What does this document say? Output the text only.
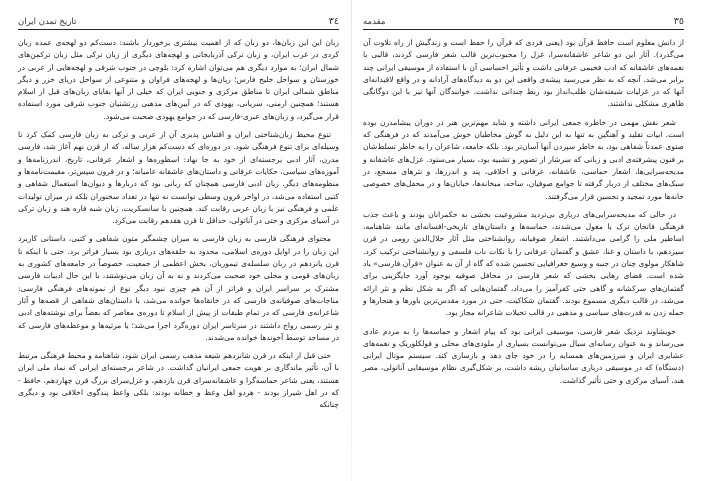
تاریخ تمدن ایران	٣٤

زبان این این زبان‌ها، دو زبان که از اهمیت بیشتری برخوردار باشند: دست‌کم دو لهجه‌ی عمده زبان کردی در غرب ایران، و زبان ترکی آذربایجانی و لهجه‌های دیگری از زبان ترکی مثل زبان ترکمن‌های شمال ایران؛ به موارد دیگری هم می‌توان اشاره کرد: بلوچی در جنوب شرقی و لهجه‌هایی از عربی در خوزستان و سواحل خلیج فارس؛ زبان‌ها و لهجه‌های فراوان و متنوعی از سواحل دریای خزر و دیگر مناطق شمالی ایران تا مناطق مرکزی و جنوبی ایران که خیلی از آنها بقایای زبان‌های قبل از اسلام هستند؛ همچنین ارمنی، سریانی، یهودی که در آیین‌های مذهبی زرتشتیان جنوب شرقی مورد استفاده قرار می‌گیرد، و زبان‌های عبری-فارسی که در جوامع یهودی صحبت می‌شود.

تنوع محیط زبان‌شناختی ایران و اقتباس پذیری آن از عربی و ترکی به زبان فارسی کمک کرد تا وسیله‌ای برای تنوع فرهنگی شود. در دوره‌ای که دست‌کم هزار ساله، که از قرن نهم آغاز شد، فارسی مدرن، آثار ادبی برجسته‌ای از خود به جا نهاد: اسطوره‌ها و اشعار عرفانی، تاریخ، اندرزنامه‌ها و آموزه‌های سیاسی، حکایات عرفانی و داستان‌های عاشقانه عامیانه؛ و در قرون سپس‌تر، مقیمت‌نامه‌ها و منظومه‌های دیگر. زبان ادبی فارسی همچنان که زبانی بود که دربارها و دیوان‌ها استعمال شفاهی و کتبی استفاده می‌شد، در اواخر قرون وسطی توانست نه تنها در تعداد سخنوران بلکه در میزان تولیدات علمی و فرهنگی نیز با زبان عربی رقابت کند. همچنین با سانسکریت، زبان شبه قاره هند و زبان ترکی در آسیای مرکزی و حتی در آناتولی، حداقل تا قرن هفدهم رقابت می‌کرد.

محتوای فرهنگی فارسی به زبان فارسی به میزان چشمگیر متون شفاهی و کتبی، داستانی کاربرد این زبان را در اوایل دوره‌ی اسلامی، محدود به حلقه‌های درباری بود بسیار فراتر برد. حتی با اینکه تا قرن پانزدهم در زبان سلسله‌ی تیموریان، بخش اعظمی از جمعیت، خصوصاً در جامعه‌های کشوری به زبان‌های قومی و محلی خود صحبت می‌کردند و نه به آن زبان می‌نوشتند، با این حال ادبیات فارسی مشترک بر سراسر ایران و فراتر از آن هم چیزی نبود دیگر نوع از نمونه‌های فرهنگی فارسی: مناجات‌های صوفیانه‌ی فارسی که در خانقاه‌ها خوانده می‌شد، یا داستان‌های شفاهی از قصه‌ها و آثار شاعرانه‌ی فارسی که در تمام طبقات از پیش از اسلام تا دوره‌ی معاصر که بعضاً برای نوشته‌های ادبی و نثر رسمی رواج داشتند در سرتاسر ایران دوره‌گرد اجرا می‌شد؛ یا مرثیه‌ها و موعظه‌های فارسی که در مساجد توسط آخوندها خوانده می‌شدند.

حتی قبل از اینکه در قرن شانزدهم شیعه مذهب رسمی ایران شود، شاهنامه و محیط فرهنگی مرتبط با آن، تأثیر ماندگاری بر هویت جمعی ایرانیان گذاشت. در شاعر برجسته‌ای ایرانی که نماد ملی ایران هستند، یعنی شاعر حماسه‌گرا و عاشقانه‌سرای قرن یازدهم، و غزل‌سرای بزرگ قرن چهاردهم، حافظ - که در اهل شیراز بودند - هردو اهل وعظ و خطابه بودند: بلکی واعظ پندگوی اخلاقی بود و دیگری چنانکه

مقدمه	٣٥

از دانش معلوم است حافظ قرآن بود (یعنی فردی که قرآن را حفظ است و زندگیش از راه تلاوت آن می‌گذرد). آثار این دو شاعر عاشقانه‌سرا، غزل را محبوب‌ترین قالب شعر فارسی کردند، قالبی با نغمه‌های عاشقانه که ادب فخیمی عرفانی داشت و تأثیر احساسی آن با استفاده از موسیقی ایرانی چند برابر می‌شد. آنچه که به نظر می‌رسید پیشه‌ی واقعی این دو به دیدگاه‌های آزادانه و در واقع لاقیدانه‌ای آنها که در غزلیات شیفته‌شان طلب‌انداز بود ربط چندانی نداشت. خوانندگان آنها نیز با این دوگانگی ظاهری مشکلی نداشتند.

شعر نقش مهمی در خاطره جمعی ایرانی داشته و شاید مهم‌ترین هنر در دوران پیشامدرن بوده است. ابیات تقلید و آهنگین به تنها به این دلیل به گوش مخاطبان خوش می‌آمدند که در فرهنگی که صنوی عمدتاً شفاهی بود، به خاطر سپردن آنها آسان‌تر بود. بلکه جامعه، شاعران را به خاطر تسلط‌شان بر فنون پیشرفته‌ی ادبی و زبانی که سرشار از تصویر و تشبیه بود، بسیار می‌ستود. عزل‌های عاشقانه و مدیحه‌سرایی‌ها، اشعار حماسی، عاشقانه، عرفانی و اخلاقی، پند و اندرزها، و نثرهای مسجع، در سبک‌های مختلف از دربار گرفته تا جوامع صوفیان، ساحه، میخانه‌ها، خیابان‌ها و در محفل‌های خصوصی خانه‌ها مورد تمجید و تحسین قرار می‌گرفتند.

در حالی که مدیحه‌سرایی‌های درباری بی‌تردید مشروعیت بخشی به حکمرانان بودند و باعث جذب فرهنگی فاتحان ترک یا مغول می‌شدند، حماسه‌ها و داستان‌های تاریخی-افسانه‌ای مانند شاهنامه، اساطیر ملی را گرامی می‌داشتند. اشعار صوفیانه، روانشناختی مثل آثار جلال‌الدین رومی در قرن سیزدهم، با داستان و غنا، عشق و گفتمان عرفانی را با نکات ناب فلسفی و روانشناختی ترکیب کرد. شاهکار مولوی چنان در جنبه و وسیع جغرافیایی تحسین شده که گاه از آن به عنوان «قرآن فارسی» یاد شده است. فضای رهایی بخشی که شعر فارسی در محافل صوفیه بوجود آورد جایگزینی برای گفتمان‌های سرکشانه و گاهی حتی کفرآمیز را می‌داد، گفتمان‌هایی که اگر به شکل نظم و نثر ارائه می‌شد، در قالب دیگری مسموع بودند. گفتمان شکاکیت، حتی در مورد مقدس‌ترین باورها و هنجارها و حمله زدن به قدرت‌های سیاسی و مذهبی در قالب تخیلات شاعرانه مجاز بود.

خویشاوند نزدیک شعر فارسی، موسیقی ایرانی بود که پیام اشعار و حماسه‌ها را به مردم عادی می‌رساند و به عنوان رسانه‌ای سیال می‌توانست بسیاری از ملودی‌های محلی و فولکلوریک و نغمه‌های عشایری ایران و سرزمین‌های همسایه را در خود جای دهد و بازسازی کند. سیستم موتال ایرانی (دستگاه) که در موسیقی درباری ساسانیان ریشه داشت، بر شکل‌گیری نظام موسیقایی آناتولی، مصر هند، آسیای مرکزی و حتی تأثیر گذاشت.
